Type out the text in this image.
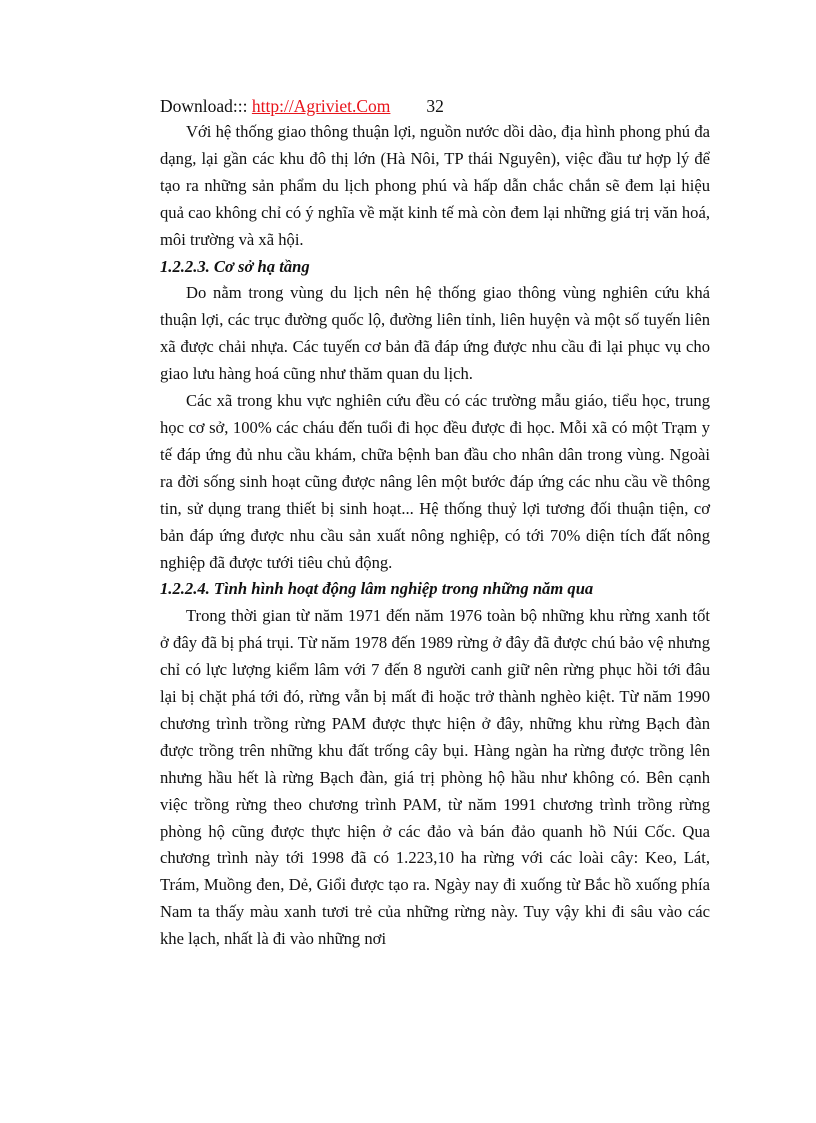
Download::: http://Agriviet.Com 32

Với hệ thống giao thông thuận lợi, nguồn nước dồi dào, địa hình phong phú đa dạng, lại gần các khu đô thị lớn (Hà Nôi, TP thái Nguyên), việc đầu tư hợp lý để tạo ra những sản phẩm du lịch phong phú và hấp dẫn chắc chắn sẽ đem lại hiệu quả cao không chỉ có ý nghĩa về mặt kinh tế mà còn đem lại những giá trị văn hoá, môi trường và xã hội.

1.2.2.3. Cơ sở hạ tầng

Do nằm trong vùng du lịch nên hệ thống giao thông vùng nghiên cứu khá thuận lợi, các trục đường quốc lộ, đường liên tỉnh, liên huyện và một số tuyến liên xã được chải nhựa. Các tuyến cơ bản đã đáp ứng được nhu cầu đi lại phục vụ cho giao lưu hàng hoá cũng như thăm quan du lịch.

Các xã trong khu vực nghiên cứu đều có các trường mẫu giáo, tiểu học, trung học cơ sở, 100% các cháu đến tuổi đi học đều được đi học. Mỗi xã có một Trạm y tế đáp ứng đủ nhu cầu khám, chữa bệnh ban đầu cho nhân dân trong vùng. Ngoài ra đời sống sinh hoạt cũng được nâng lên một bước đáp ứng các nhu cầu về thông tin, sử dụng trang thiết bị sinh hoạt... Hệ thống thuỷ lợi tương đối thuận tiện, cơ bản đáp ứng được nhu cầu sản xuất nông nghiệp, có tới 70% diện tích đất nông nghiệp đã được tưới tiêu chủ động.

1.2.2.4. Tình hình hoạt động lâm nghiệp trong những năm qua

Trong thời gian từ năm 1971 đến năm 1976 toàn bộ những khu rừng xanh tốt ở đây đã bị phá trụi. Từ năm 1978 đến 1989 rừng ở đây đã được chú bảo vệ nhưng chỉ có lực lượng kiểm lâm với 7 đến 8 người canh giữ nên rừng phục hồi tới đâu lại bị chặt phá tới đó, rừng vẫn bị mất đi hoặc trở thành nghèo kiệt. Từ năm 1990 chương trình trồng rừng PAM được thực hiện ở đây, những khu rừng Bạch đàn được trồng trên những khu đất trống cây bụi. Hàng ngàn ha rừng được trồng lên nhưng hầu hết là rừng Bạch đàn, giá trị phòng hộ hầu như không có. Bên cạnh việc trồng rừng theo chương trình PAM, từ năm 1991 chương trình trồng rừng phòng hộ cũng được thực hiện ở các đảo và bán đảo quanh hồ Núi Cốc. Qua chương trình này tới 1998 đã có 1.223,10 ha rừng với các loài cây: Keo, Lát, Trám, Muồng đen, Dẻ, Giổi được tạo ra. Ngày nay đi xuống từ Bắc hồ xuống phía Nam ta thấy màu xanh tươi trẻ của những rừng này. Tuy vậy khi đi sâu vào các khe lạch, nhất là đi vào những nơi
